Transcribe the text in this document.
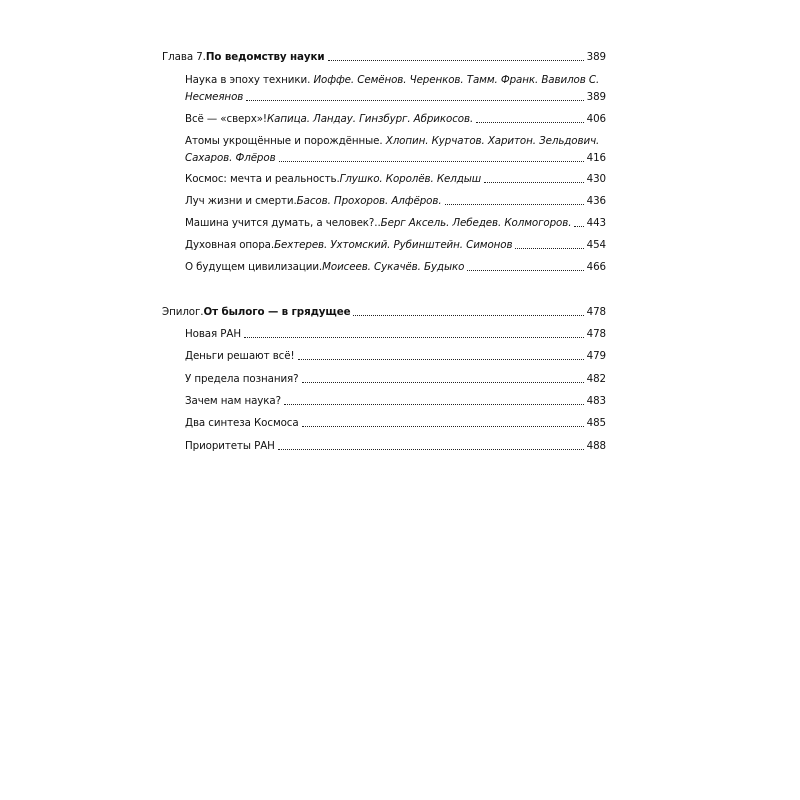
Глава 7. По ведомству науки	389
Наука в эпоху техники. Иоффе. Семёнов. Черенков. Тамм. Франк. Вавилов С.
Несмеянов	389
Всё — «сверх»! Капица. Ландау. Гинзбург. Абрикосов.	406
Атомы укрощённые и порождённые. Хлопин. Курчатов. Харитон. Зельдович.
Сахаров. Флёров	416
Космос: мечта и реальность. Глушко. Королёв. Келдыш	430
Луч жизни и смерти. Басов. Прохоров. Алфёров.	436
Машина учится думать, а человек?.. Берг Аксель. Лебедев. Колмогоров. 443
Духовная опора. Бехтерев. Ухтомский. Рубинштейн. Симонов	454
О будущем цивилизации. Моисеев. Сукачёв. Будыко	466
Эпилог. От былого — в грядущее	478
Новая РАН	478
Деньги решают всё!	479
У предела познания?	482
Зачем нам наука?	483
Два синтеза Космоса	485
Приоритеты РАН	488
